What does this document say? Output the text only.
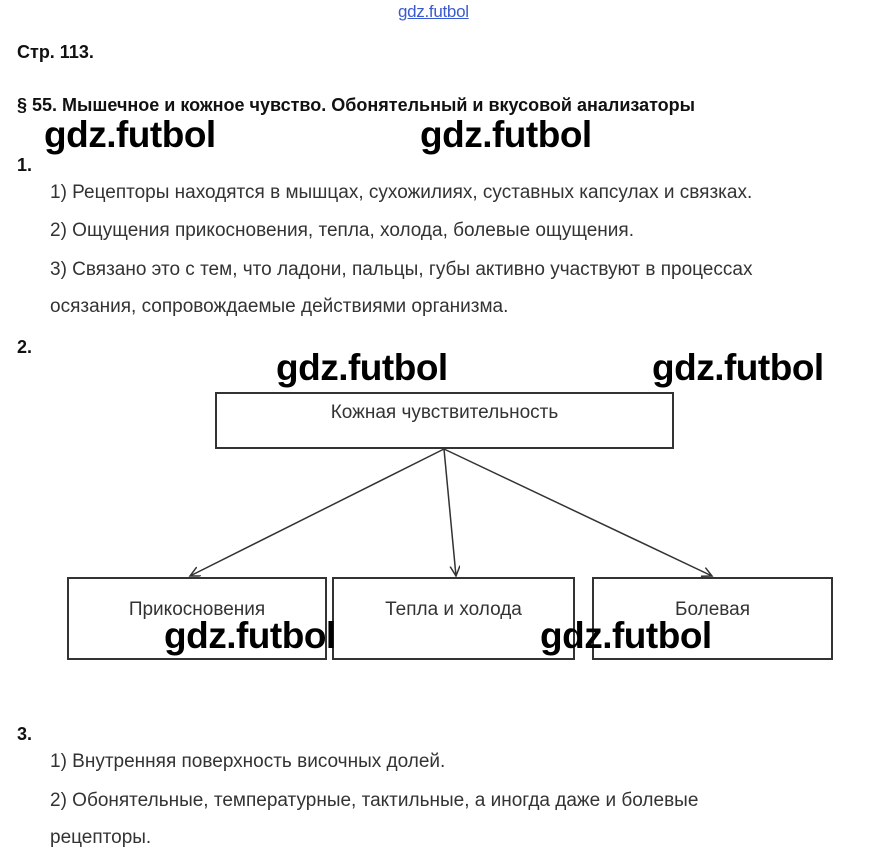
gdz.futbol
Стр. 113.
§ 55. Мышечное и кожное чувство. Обонятельный и вкусовой анализаторы
gdz.futbol	gdz.futbol
1.
1) Рецепторы находятся в мышцах, сухожилиях, суставных капсулах и связках.
2) Ощущения прикосновения, тепла, холода, болевые ощущения.
3) Связано это с тем, что ладони, пальцы, губы активно участвуют в процессах
осязания, сопровождаемые действиями организма.
2.	gdz.futbol	gdz.futbol
Кожная чувствительность
Прикосновения	Тепла и холода	Болевая
gdz.futbol	gdz.futbol
3.
1) Внутренняя поверхность височных долей.
2) Обонятельные, температурные, тактильные, а иногда даже и болевые
рецепторы.
